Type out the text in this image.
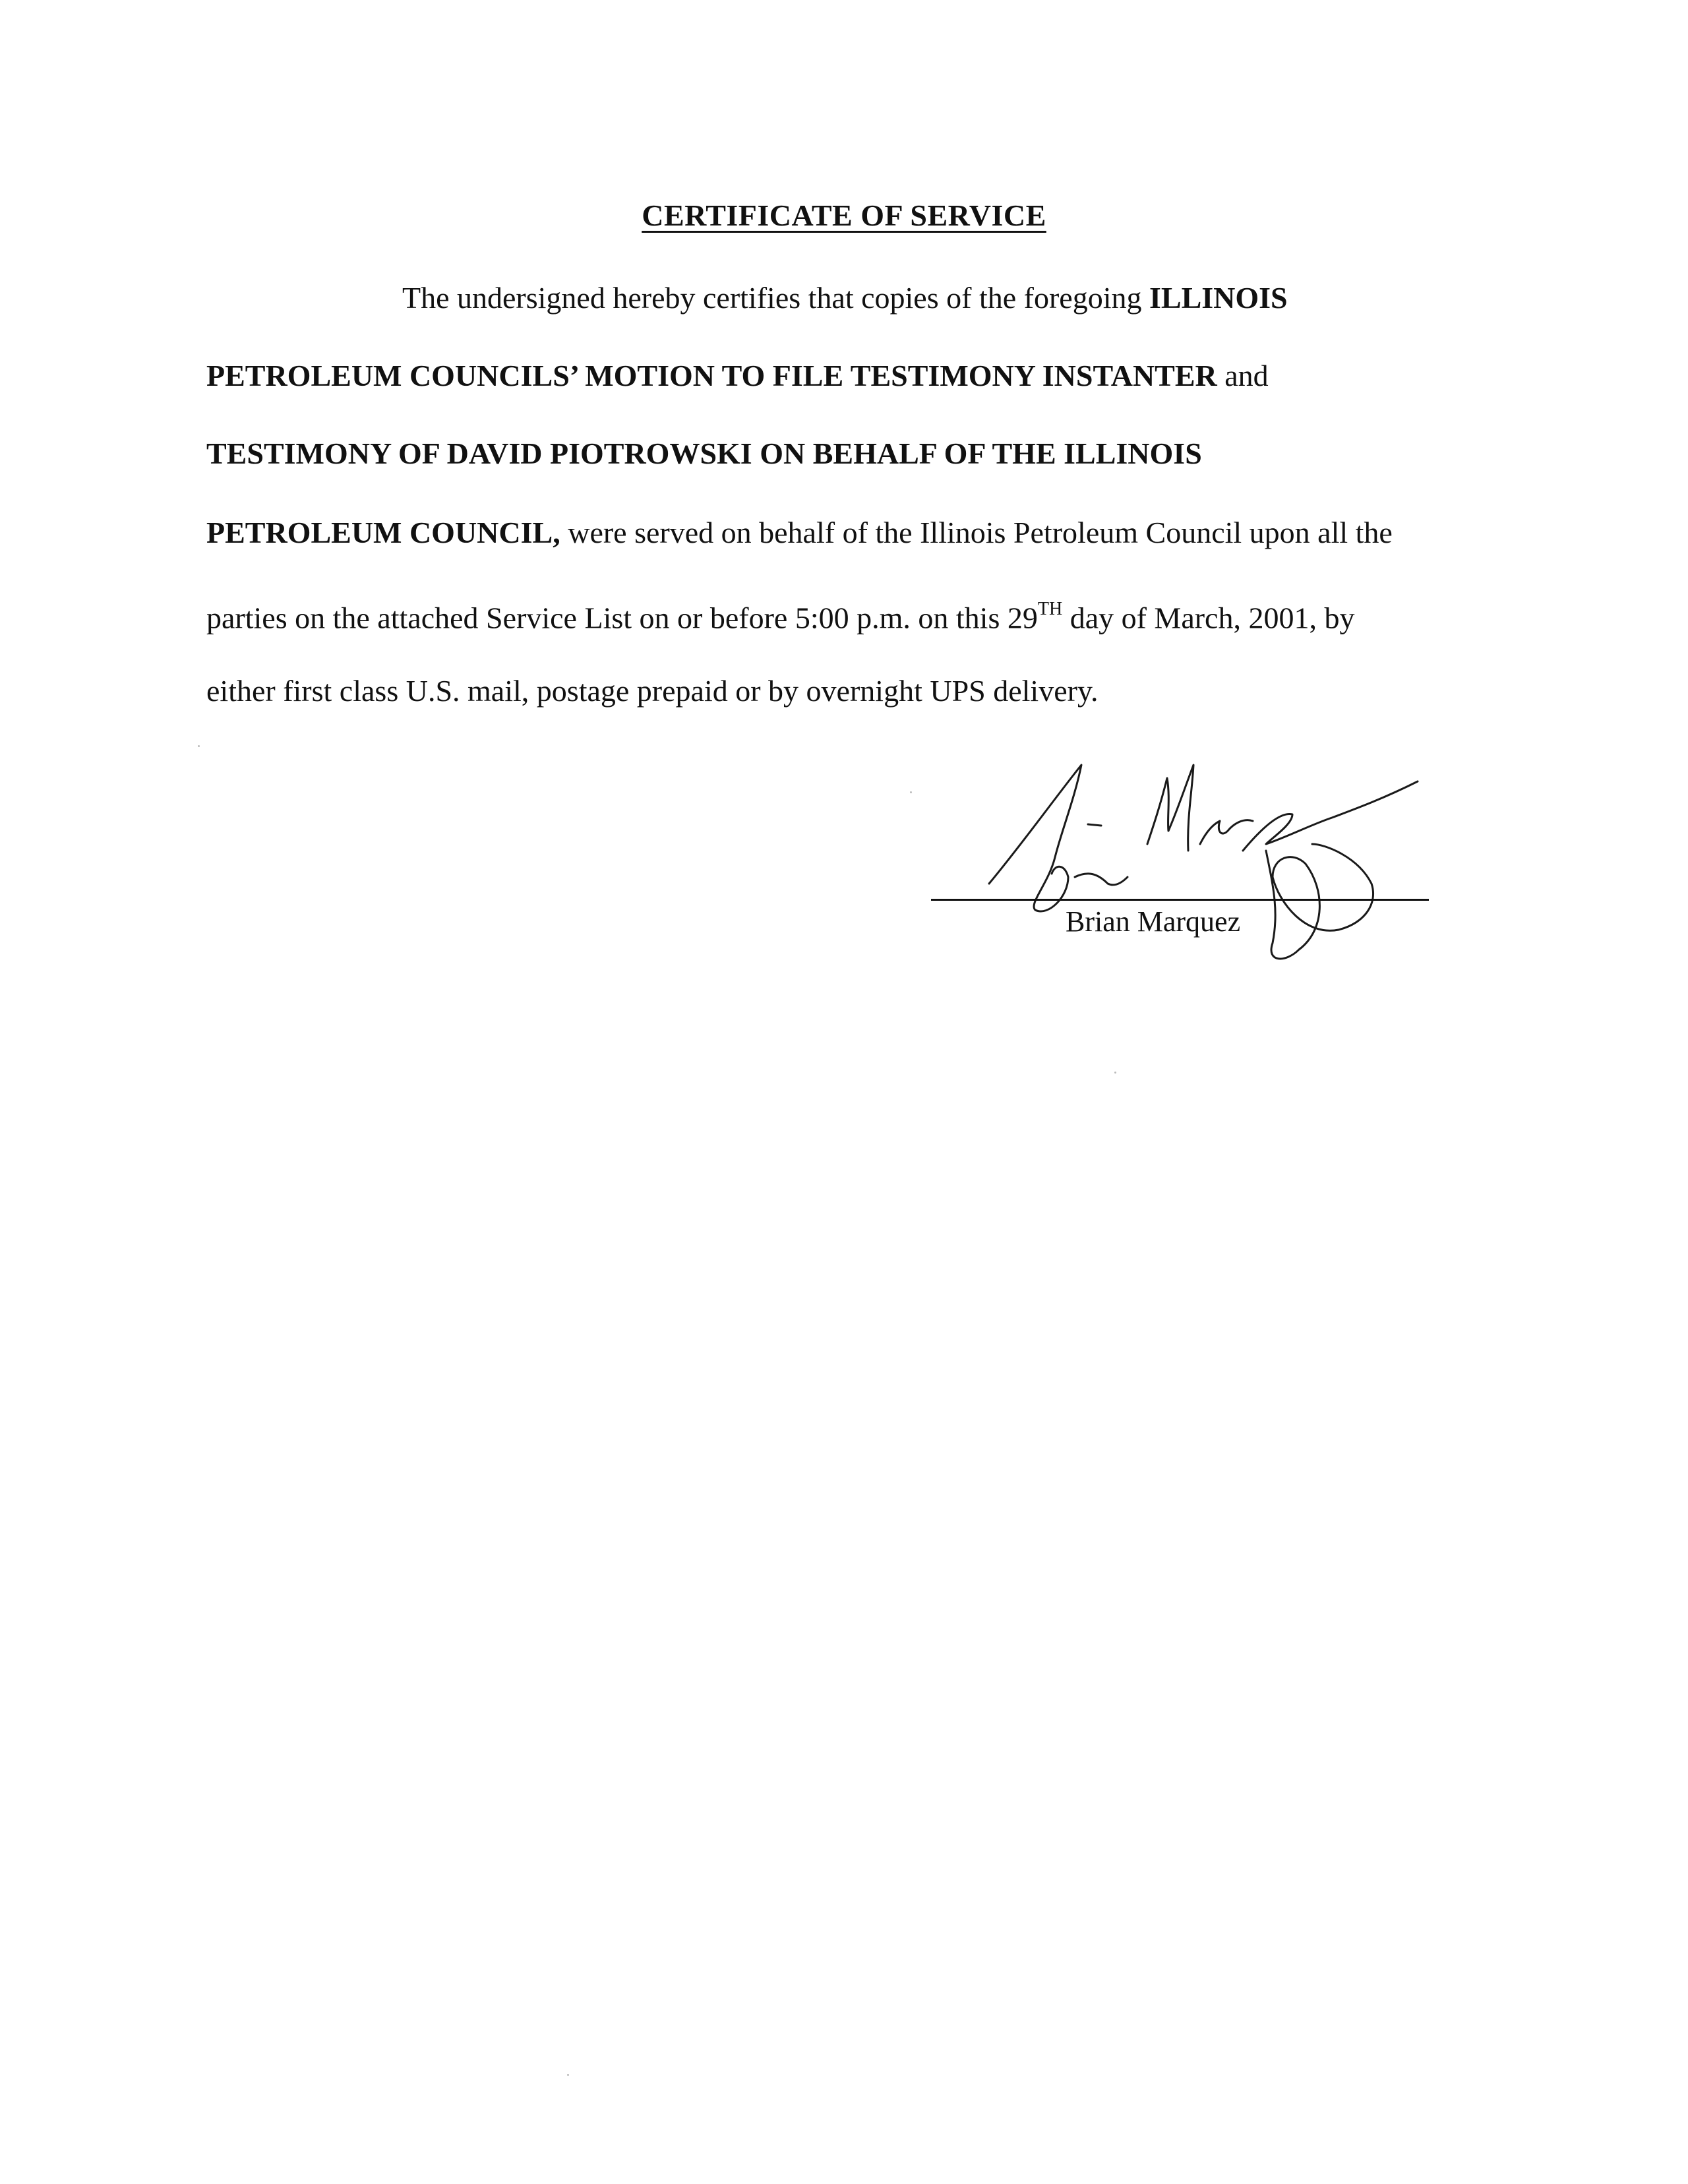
CERTIFICATE OF SERVICE
The undersigned hereby certifies that copies of the foregoing ILLINOIS
PETROLEUM COUNCILS’ MOTION TO FILE TESTIMONY INSTANTER and
TESTIMONY OF DAVID PIOTROWSKI ON BEHALF OF THE ILLINOIS
PETROLEUM COUNCIL, were served on behalf of the Illinois Petroleum Council upon all the
parties on the attached Service List on or before 5:00 p.m. on this 29TH day of March, 2001, by
either first class U.S. mail, postage prepaid or by overnight UPS delivery.
Brian Marquez
